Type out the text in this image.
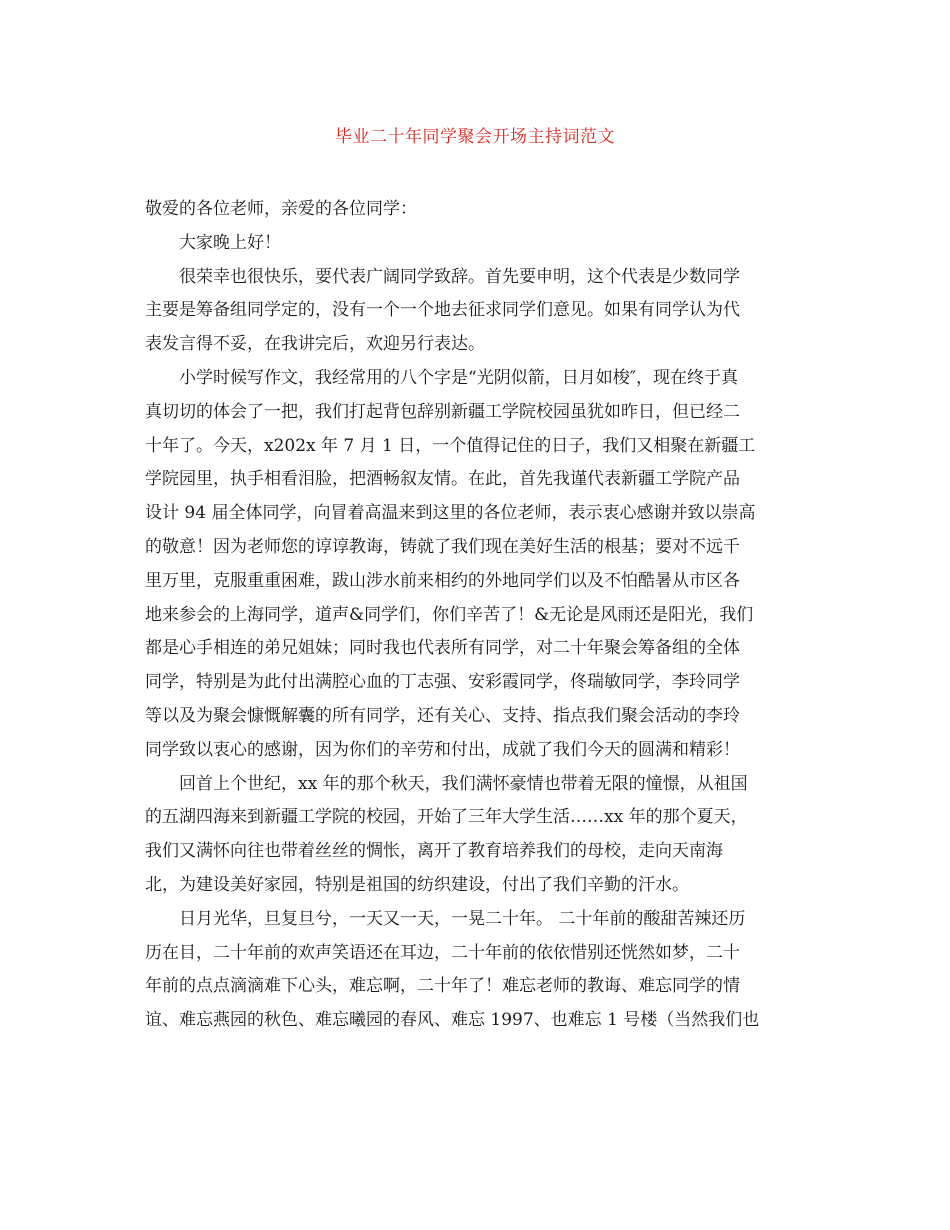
毕业二十年同学聚会开场主持词范文
敬爱的各位老师，亲爱的各位同学：
大家晚上好！
很荣幸也很快乐，要代表广阔同学致辞。首先要申明，这个代表是少数同学
主要是筹备组同学定的，没有一个一个地去征求同学们意见。如果有同学认为代
表发言得不妥，在我讲完后，欢迎另行表达。
小学时候写作文，我经常用的八个字是“光阴似箭，日月如梭″，现在终于真
真切切的体会了一把，我们打起背包辞别新疆工学院校园虽犹如昨日，但已经二
十年了。今天，x202x 年 7 月 1 日，一个值得记住的日子，我们又相聚在新疆工
学院园里，执手相看泪脸，把酒畅叙友情。在此，首先我谨代表新疆工学院产品
设计 94 届全体同学，向冒着高温来到这里的各位老师，表示衷心感谢并致以崇高
的敬意！因为老师您的谆谆教诲，铸就了我们现在美好生活的根基；要对不远千
里万里，克服重重困难，跋山涉水前来相约的外地同学们以及不怕酷暑从市区各
地来参会的上海同学，道声&同学们，你们辛苦了！&无论是风雨还是阳光，我们
都是心手相连的弟兄姐妹；同时我也代表所有同学，对二十年聚会筹备组的全体
同学，特别是为此付出满腔心血的丁志强、安彩霞同学，佟瑞敏同学，李玲同学
等以及为聚会慷慨解囊的所有同学，还有关心、支持、指点我们聚会活动的李玲
同学致以衷心的感谢，因为你们的辛劳和付出，成就了我们今天的圆满和精彩！
回首上个世纪，xx 年的那个秋天，我们满怀豪情也带着无限的憧憬，从祖国
的五湖四海来到新疆工学院的校园，开始了三年大学生活……xx 年的那个夏天，
我们又满怀向往也带着丝丝的惆怅，离开了教育培养我们的母校，走向天南海
北，为建设美好家园，特别是祖国的纺织建设，付出了我们辛勤的汗水。
日月光华，旦复旦兮，一天又一天，一晃二十年。 二十年前的酸甜苦辣还历
历在目，二十年前的欢声笑语还在耳边，二十年前的依依惜别还恍然如梦，二十
年前的点点滴滴难下心头，难忘啊，二十年了！难忘老师的教诲、难忘同学的情
谊、难忘燕园的秋色、难忘曦园的春风、难忘 1997、也难忘 1 号楼（当然我们也
